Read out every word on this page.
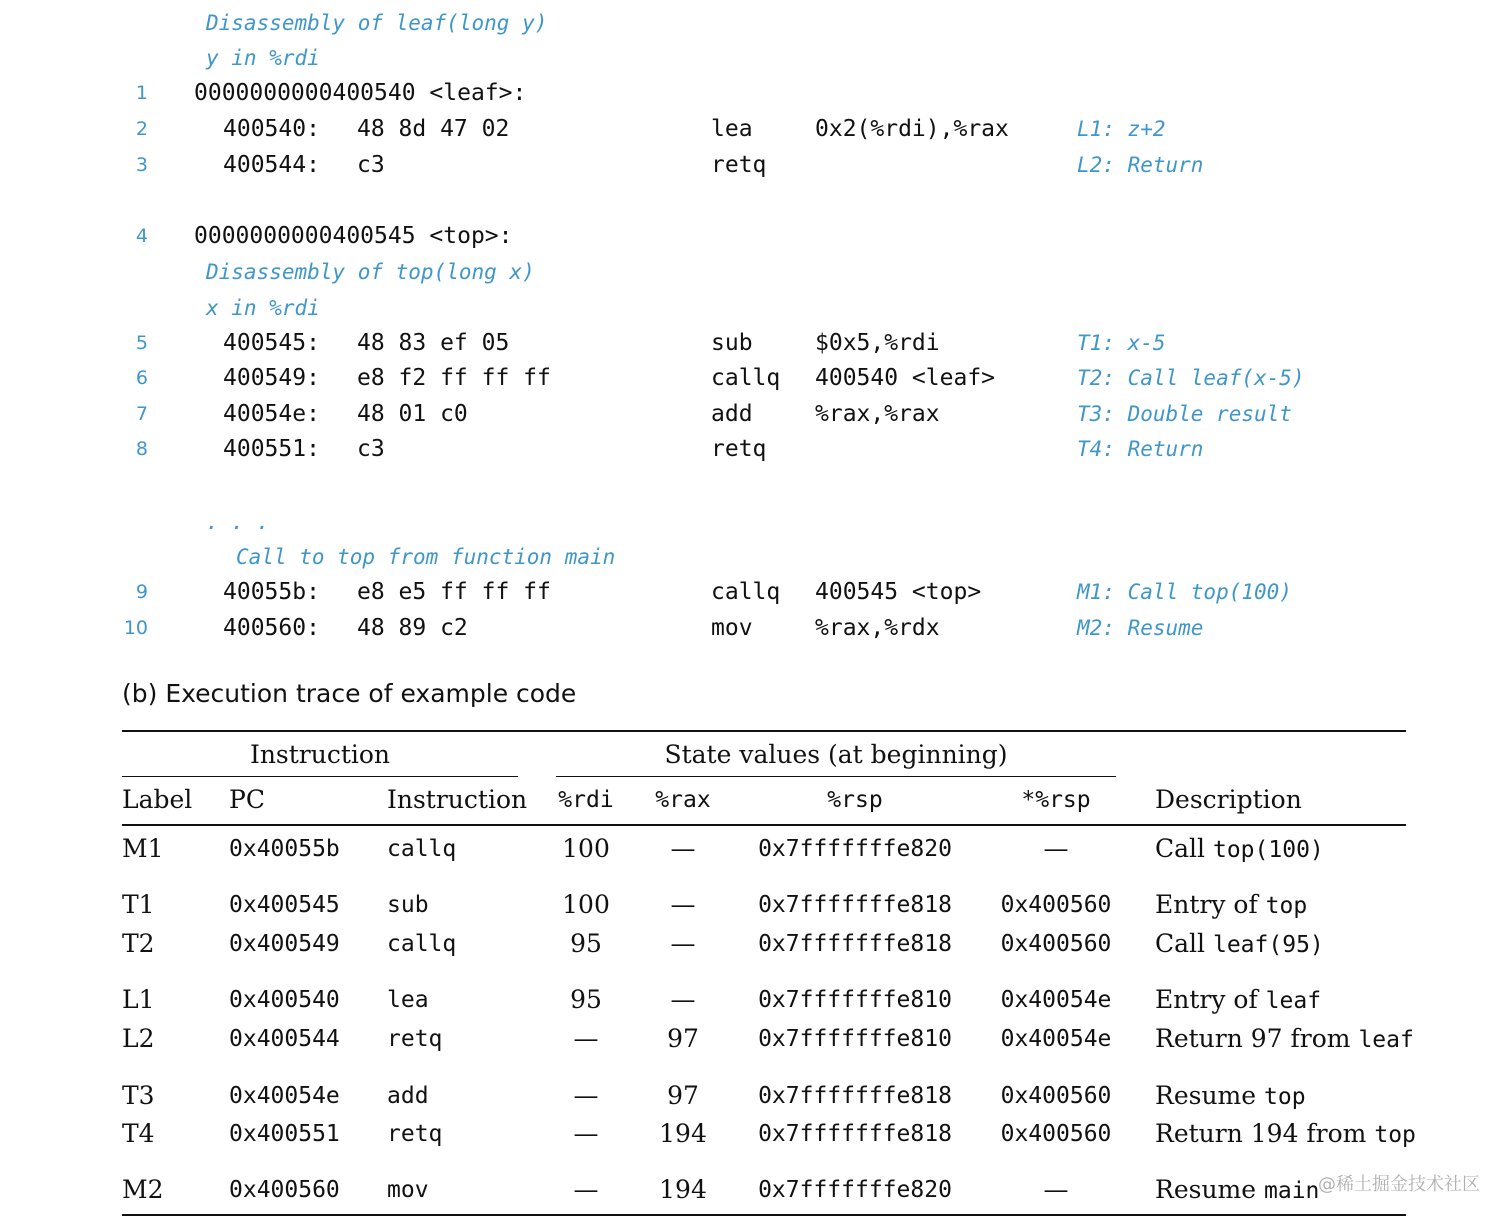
Disassembly of leaf(long y)
y in %rdi
1 0000000000400540 <leaf>:
2	400540: 48 8d 47 02	lea	0x2(%rdi),%rax	L1: z+2
3	400544: c3	retq	L2: Return
4 0000000000400545 <top>:
Disassembly of top(long x)
x in %rdi
5	400545: 48 83 ef 05	sub	$0x5,%rdi	T1: x-5
6	400549: e8 f2 ff ff ff	callq 400540 <leaf>	T2: Call leaf(x-5)
7	40054e: 48 01 c0	add	%rax,%rax	T3: Double result
8	400551: c3	retq	T4: Return
. . .
Call to top from function main
9	40055b: e8 e5 ff ff ff	callq 400545 <top>	M1: Call top(100)
10	400560: 48 89 c2	mov	%rax,%rdx	M2: Resume
(b) Execution trace of example code
Instruction	State values (at beginning)
Label PC	Instruction	%rdi	%rax	%rsp	*%rsp	Description
M1	0x40055b callq	100	—	0x7fffffffe820	—	Call top(100)
T1	0x400545 sub	100	—	0x7fffffffe818 0x400560 Entry of top
T2	0x400549 callq	95	—	0x7fffffffe818 0x400560 Call leaf(95)
L1	0x400540 lea	95	—	0x7fffffffe810 0x40054e Entry of leaf
L2	0x400544 retq	—	97	0x7fffffffe810 0x40054e Return 97 from leaf
T3	0x40054e add	—	97	0x7fffffffe818 0x400560 Resume top
T4	0x400551 retq	—	194	0x7fffffffe818 0x400560 Return 194 from top
M2	0x400560 mov	—	194	0x7fffffffe820	—	Resume main
@稀土掘金技术社区
